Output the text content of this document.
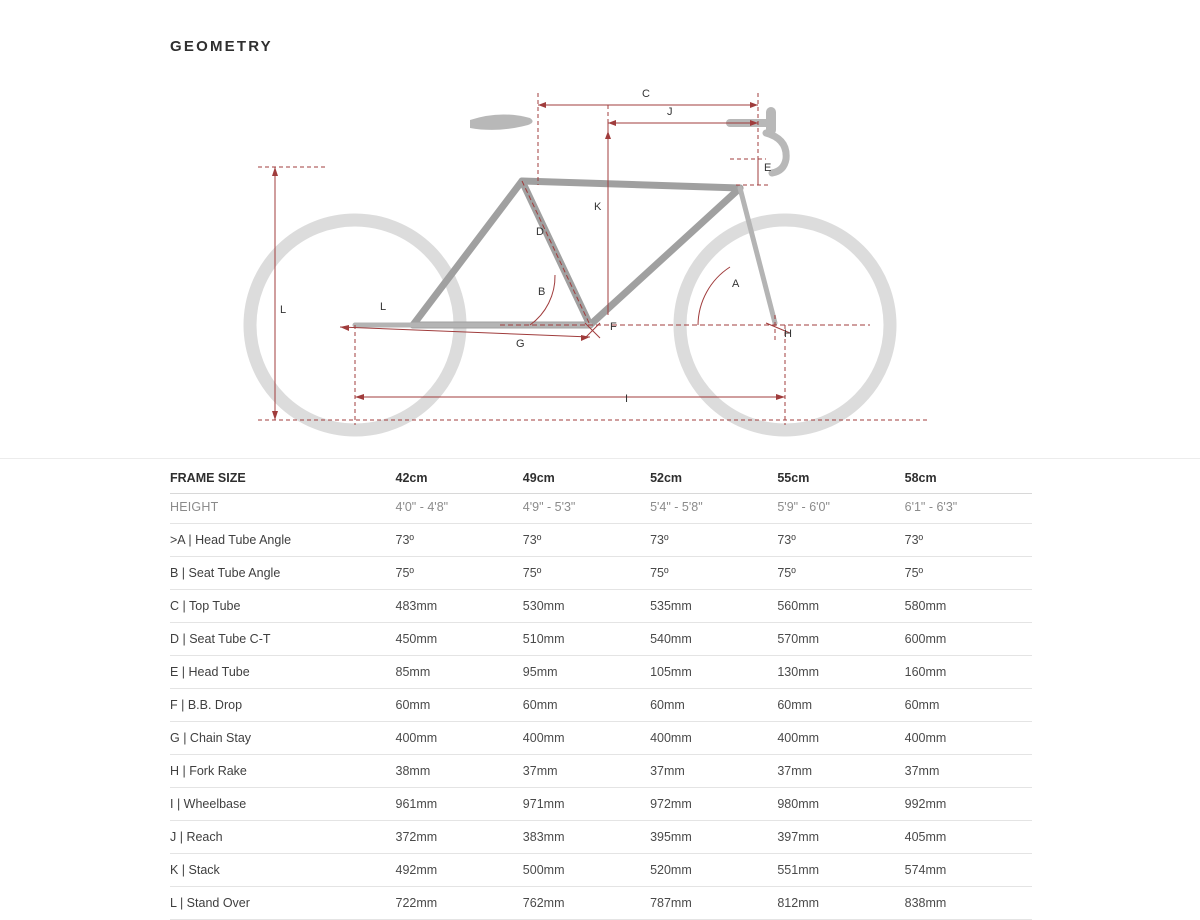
GEOMETRY
C
J
E
K
D
B
A
F
G
H
I
L
L
FRAME SIZE	42cm	49cm	52cm	55cm	58cm
HEIGHT	4'0" - 4'8"	4'9" - 5'3"	5'4" - 5'8"	5'9" - 6'0"	6'1" - 6'3"
>A | Head Tube Angle	73º	73º	73º	73º	73º
B | Seat Tube Angle	75º	75º	75º	75º	75º
C | Top Tube	483mm	530mm	535mm	560mm	580mm
D | Seat Tube C-T	450mm	510mm	540mm	570mm	600mm
E | Head Tube	85mm	95mm	105mm	130mm	160mm
F | B.B. Drop	60mm	60mm	60mm	60mm	60mm
G | Chain Stay	400mm	400mm	400mm	400mm	400mm
H | Fork Rake	38mm	37mm	37mm	37mm	37mm
I | Wheelbase	961mm	971mm	972mm	980mm	992mm
J | Reach	372mm	383mm	395mm	397mm	405mm
K | Stack	492mm	500mm	520mm	551mm	574mm
L | Stand Over	722mm	762mm	787mm	812mm	838mm
